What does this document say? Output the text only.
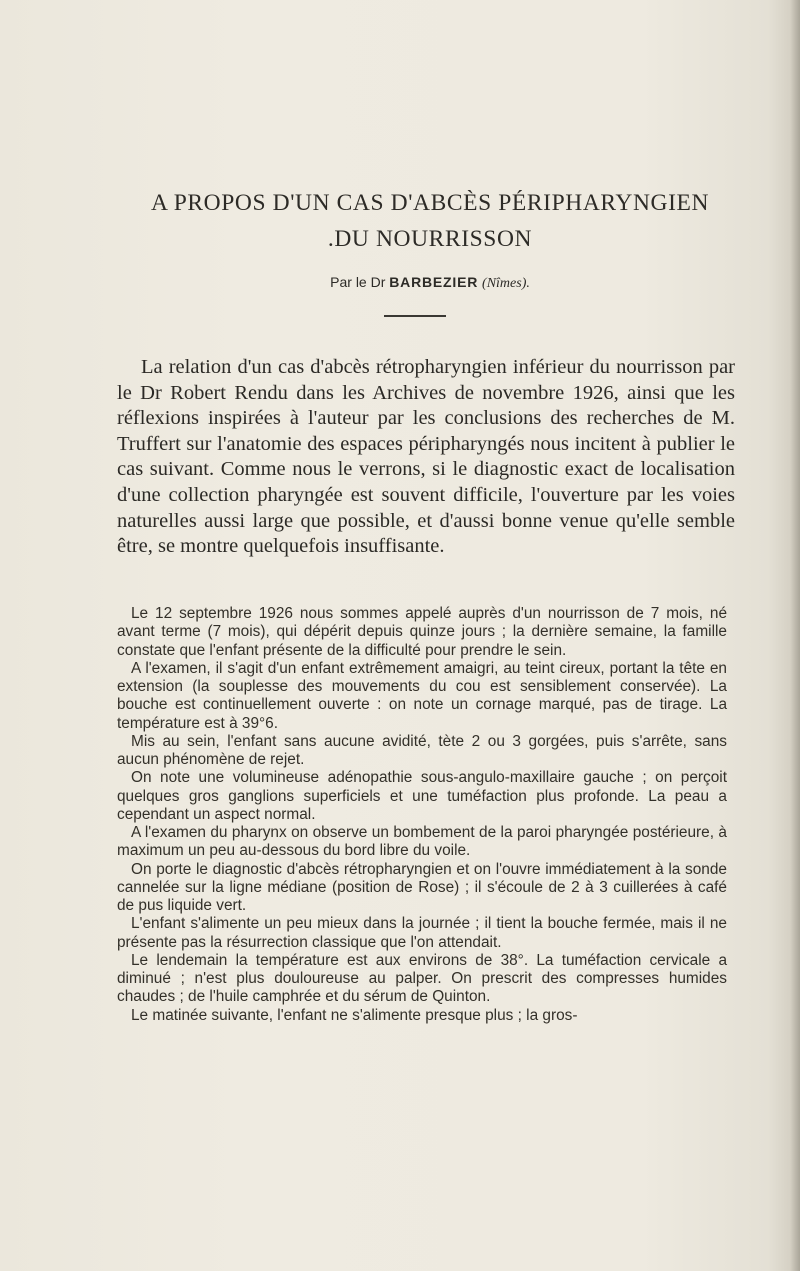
A PROPOS D'UN CAS D'ABCÈS PÉRIPHARYNGIEN
.DU NOURRISSON
Par le Dr BARBEZIER (Nîmes).

La relation d'un cas d'abcès rétropharyngien inférieur du nourrisson par le Dr Robert Rendu dans les Archives de novembre 1926, ainsi que les réflexions inspirées à l'auteur par les conclusions des recherches de M. Truffert sur l'anatomie des espaces péripharyngés nous incitent à publier le cas suivant. Comme nous le verrons, si le diagnostic exact de localisation d'une collection pharyngée est souvent difficile, l'ouverture par les voies naturelles aussi large que possible, et d'aussi bonne venue qu'elle semble être, se montre quelquefois insuffisante.

Le 12 septembre 1926 nous sommes appelé auprès d'un nourrisson de 7 mois, né avant terme (7 mois), qui dépérit depuis quinze jours ; la dernière semaine, la famille constate que l'enfant présente de la difficulté pour prendre le sein.

A l'examen, il s'agit d'un enfant extrêmement amaigri, au teint cireux, portant la tête en extension (la souplesse des mouvements du cou est sensiblement conservée). La bouche est continuellement ouverte : on note un cornage marqué, pas de tirage. La température est à 39°6.

Mis au sein, l'enfant sans aucune avidité, tète 2 ou 3 gorgées, puis s'arrête, sans aucun phénomène de rejet.

On note une volumineuse adénopathie sous-angulo-maxillaire gauche ; on perçoit quelques gros ganglions superficiels et une tuméfaction plus profonde. La peau a cependant un aspect normal.

A l'examen du pharynx on observe un bombement de la paroi pharyngée postérieure, à maximum un peu au-dessous du bord libre du voile.

On porte le diagnostic d'abcès rétropharyngien et on l'ouvre immédiatement à la sonde cannelée sur la ligne médiane (position de Rose) ; il s'écoule de 2 à 3 cuillerées à café de pus liquide vert.

L'enfant s'alimente un peu mieux dans la journée ; il tient la bouche fermée, mais il ne présente pas la résurrection classique que l'on attendait.

Le lendemain la température est aux environs de 38°. La tuméfaction cervicale a diminué ; n'est plus douloureuse au palper. On prescrit des compresses humides chaudes ; de l'huile camphrée et du sérum de Quinton.

Le matinée suivante, l'enfant ne s'alimente presque plus ; la gros-
